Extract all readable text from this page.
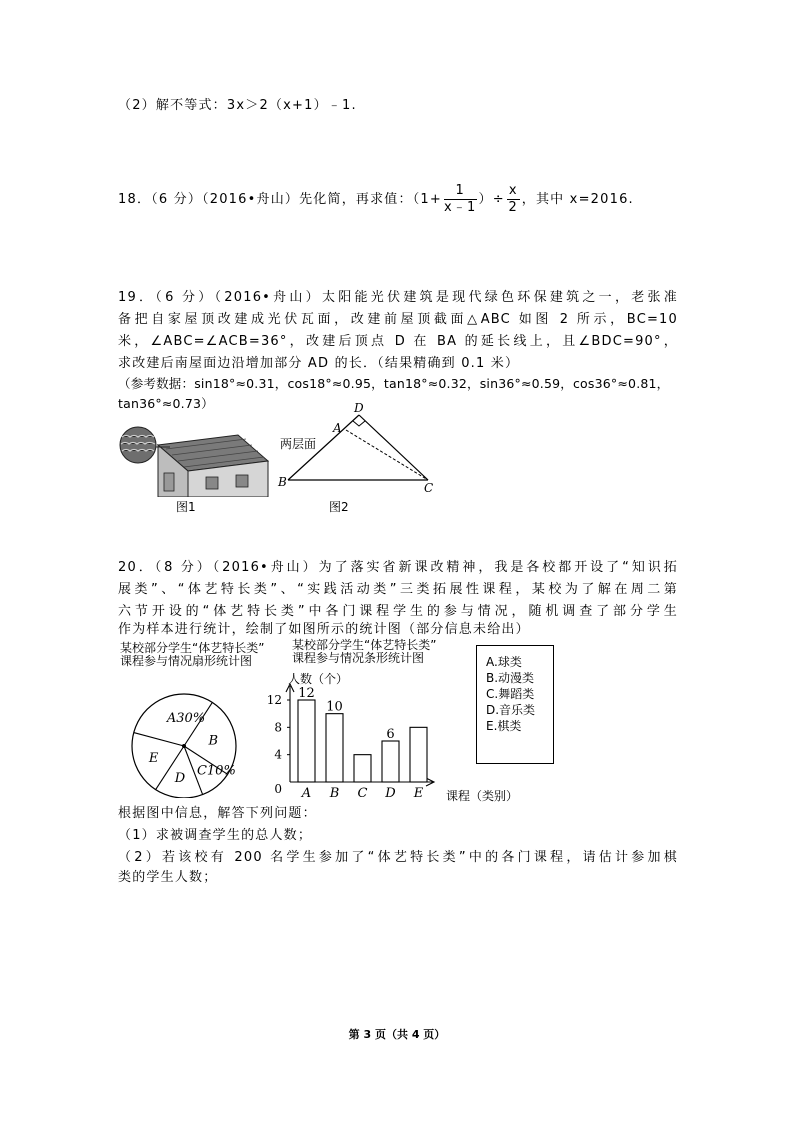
（2）解不等式：3x＞2（x+1）﹣1.
18．（6 分）（2016•舟山）先化简，再求值：（$1+ \frac{1}{x﹣1}$ ）÷ $\frac{x}{2}$ ，其中 x=2016.
19．（6 分）（2016•舟山）太阳能光伏建筑是现代绿色环保建筑之一，老张准
备把自家屋顶改建成光伏瓦面，改建前屋顶截面△ABC 如图 2 所示，BC=10
米，∠ABC=∠ACB=36°，改建后顶点 D 在 BA 的延长线上，且∠BDC=90°，
求改建后南屋面边沿增加部分 AD 的长．（结果精确到 0.1 米）
（参考数据：sin18°≈0.31，cos18°≈0.95，tan18°≈0.32，sin36°≈0.59，cos36°≈0.81，
tan36°≈0.73）
图1
D
A
B	C
两层面
图2
20．（8 分）（2016•舟山）为了落实省新课改精神，我是各校都开设了“知识拓
展类”、“体艺特长类”、“实践活动类”三类拓展性课程，某校为了解在周二第
六节开设的“体艺特长类”中各门课程学生的参与情况，随机调查了部分学生
作为样本进行统计，绘制了如图所示的统计图（部分信息未给出）
某校部分学生“体艺特长类”
课程参与情况扇形统计图
某校部分学生“体艺特长类”
课程参与情况条形统计图
A30%
B
C10%
D
E
0
4
8
12
A
12
B
10
C D
6
E
人数（个）
课程（类别）
A.球类
B.动漫类
C.舞蹈类
D.音乐类
E.棋类
根据图中信息，解答下列问题：
（1）求被调查学生的总人数；
（2）若该校有 200 名学生参加了“体艺特长类”中的各门课程，请估计参加棋
类的学生人数；
第 3 页（共 4 页）
